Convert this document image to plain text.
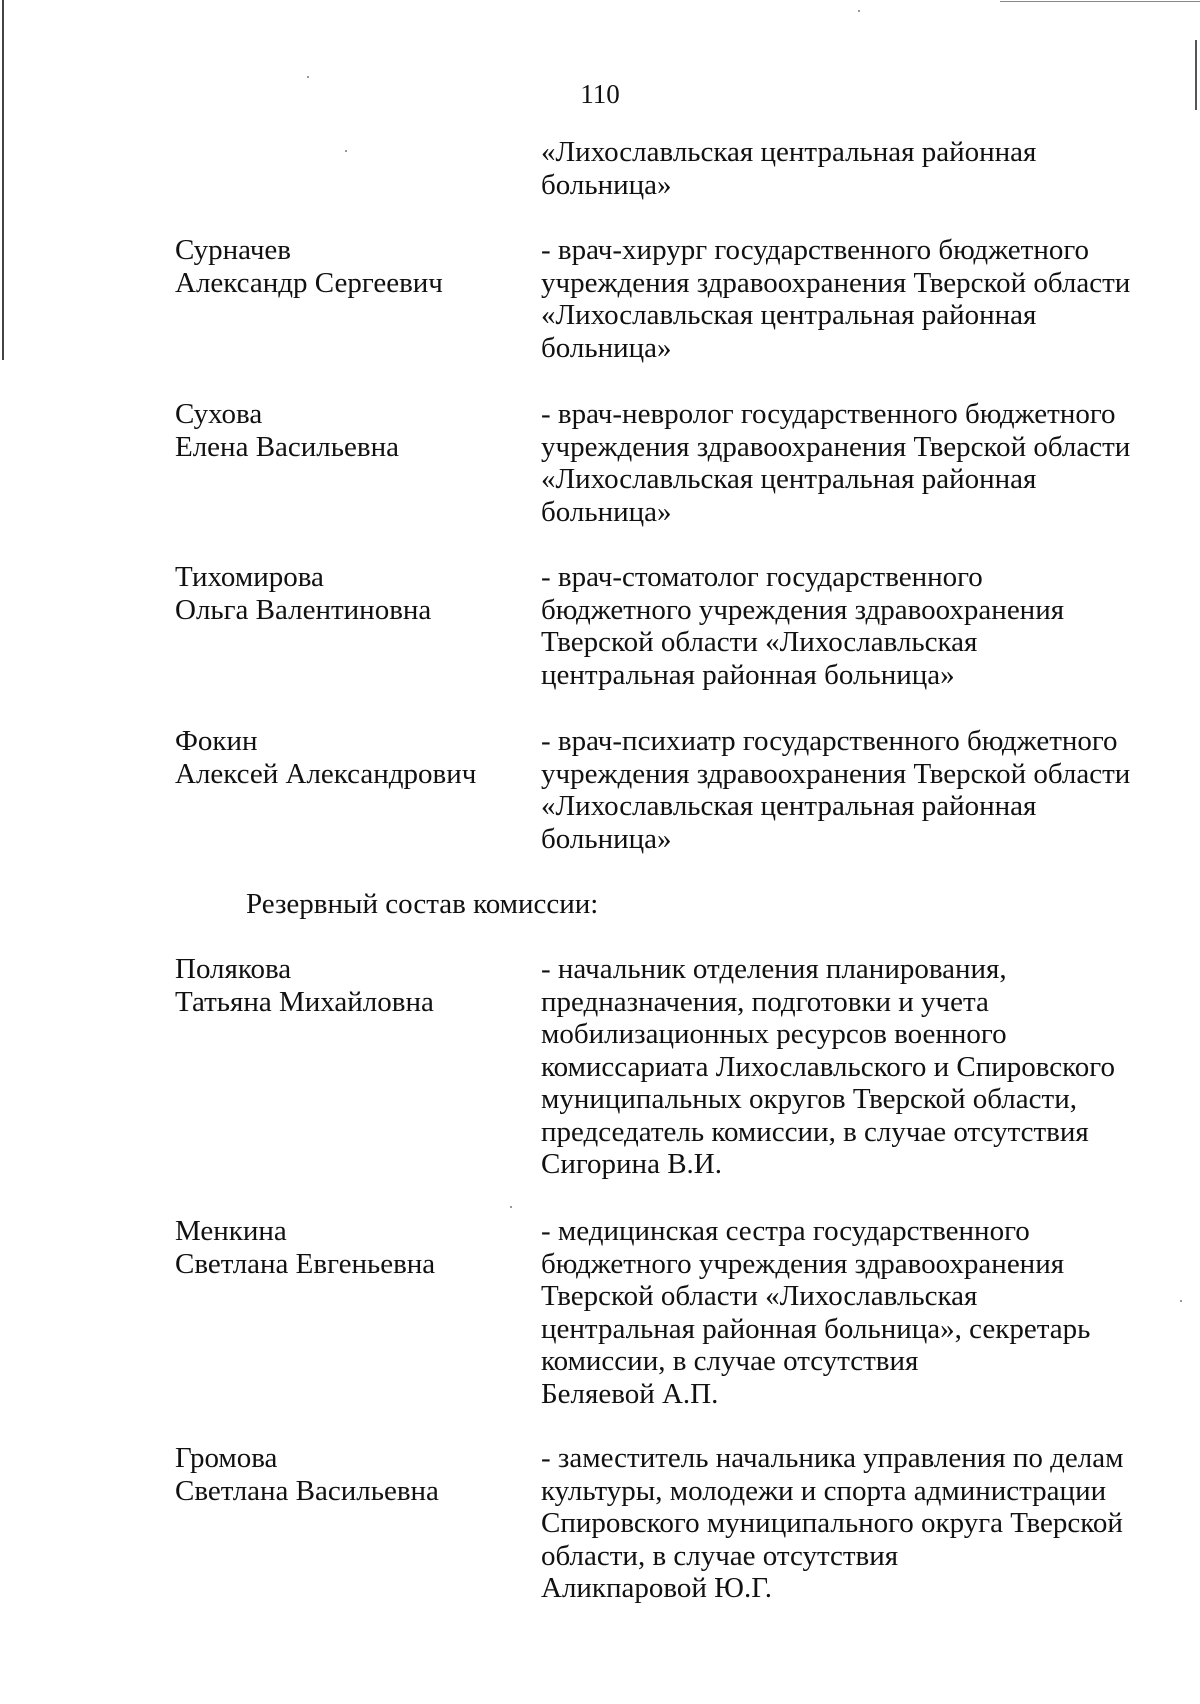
110
«Лихославльская центральная районная
больница»
Сурначев
Александр Сергеевич
- врач-хирург государственного бюджетного
учреждения здравоохранения Тверской области
«Лихославльская центральная районная
больница»
Сухова
Елена Васильевна
- врач-невролог государственного бюджетного
учреждения здравоохранения Тверской области
«Лихославльская центральная районная
больница»
Тихомирова
Ольга Валентиновна
- врач-стоматолог государственного
бюджетного учреждения здравоохранения
Тверской области «Лихославльская
центральная районная больница»
Фокин
Алексей Александрович
- врач-психиатр государственного бюджетного
учреждения здравоохранения Тверской области
«Лихославльская центральная районная
больница»
Резервный состав комиссии:
Полякова
Татьяна Михайловна
- начальник отделения планирования,
предназначения, подготовки и учета
мобилизационных ресурсов военного
комиссариата Лихославльского и Спировского
муниципальных округов Тверской области,
председатель комиссии, в случае отсутствия
Сигорина В.И.
Менкина
Светлана Евгеньевна
- медицинская сестра государственного
бюджетного учреждения здравоохранения
Тверской области «Лихославльская
центральная районная больница», секретарь
комиссии, в случае отсутствия
Беляевой А.П.
Громова
Светлана Васильевна
- заместитель начальника управления по делам
культуры, молодежи и спорта администрации
Спировского муниципального округа Тверской
области, в случае отсутствия
Аликпаровой Ю.Г.
